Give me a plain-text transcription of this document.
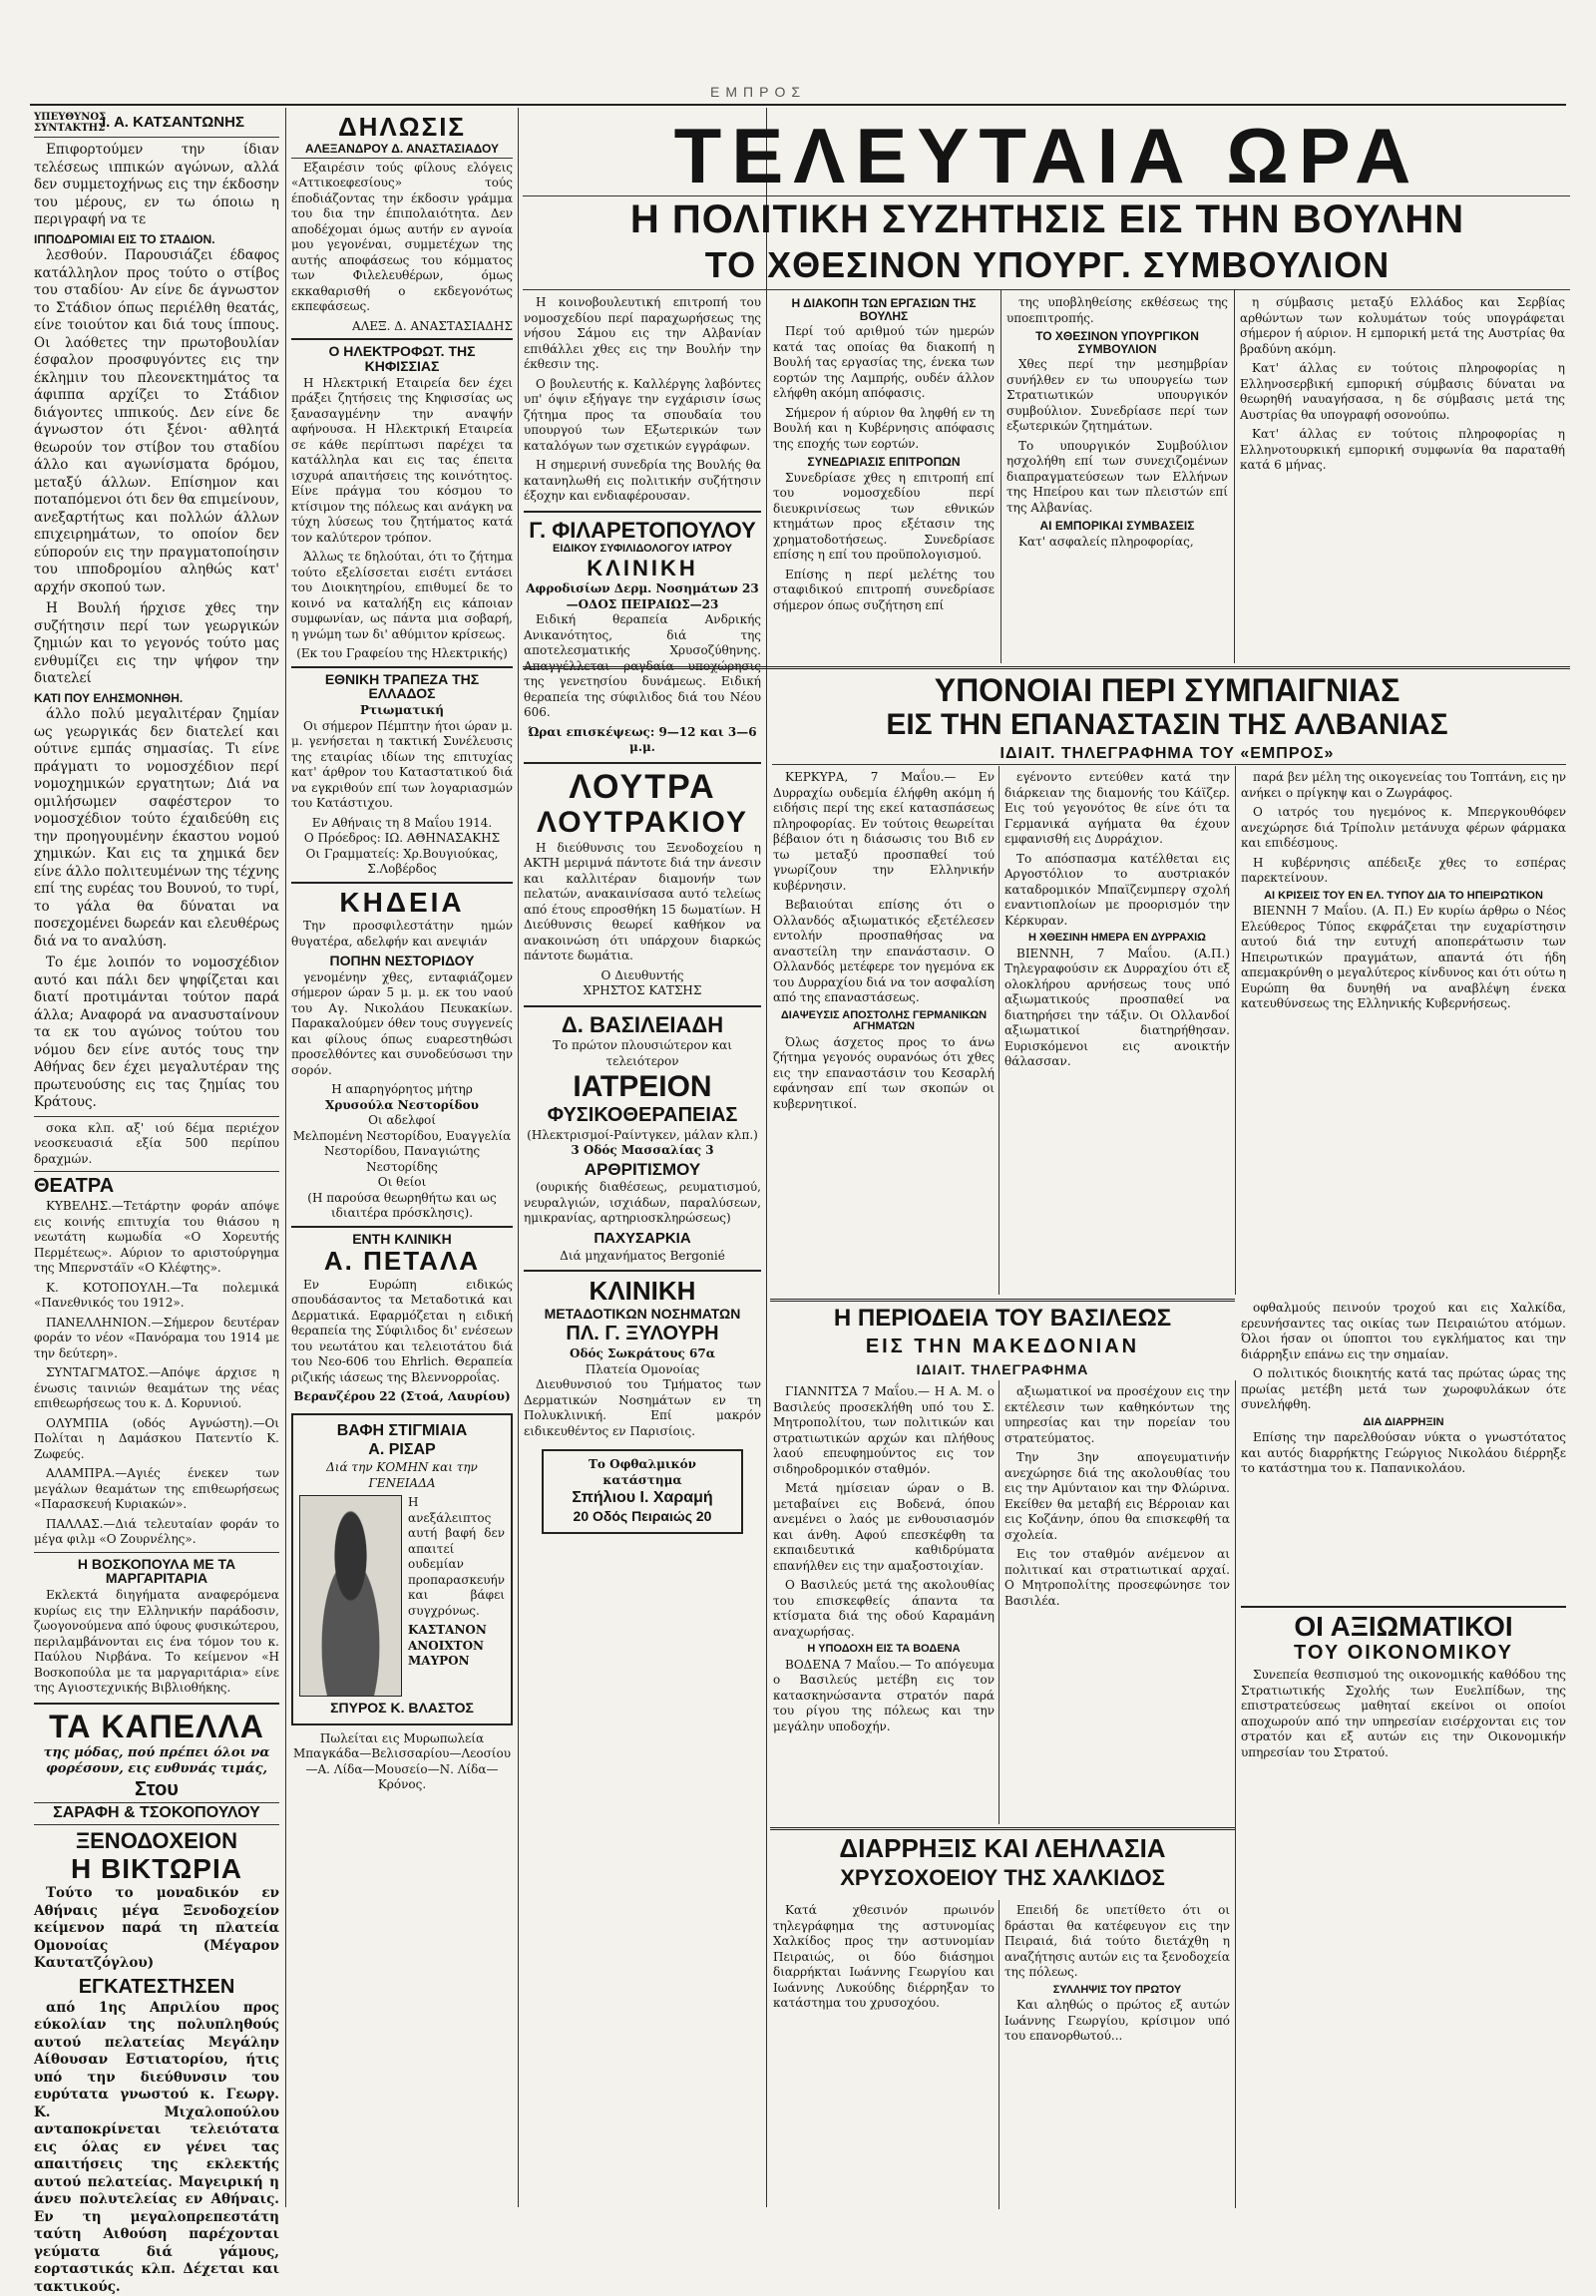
ΕΜΠΡΟΣ
ΤΕΛΕΥΤΑΙΑ ΩΡΑ
Η ΠΟΛΙΤΙΚΗ ΣΥΖΗΤΗΣΙΣ ΕΙΣ ΤΗΝ ΒΟΥΛΗΝ
ΤΟ ΧΘΕΣΙΝΟΝ ΥΠΟΥΡΓ. ΣΥΜΒΟΥΛΙΟΝ
ΥΠΕΥΘΥΝΟΣ ΣΥΝΤΑΚΤΗΣ
Ι. Α. ΚΑΤΣΑΝΤΩΝΗΣ

Επιφορτούμεν την ίδιαν τελέσεως ιππικών αγώνων, αλλά δεν συμμετοχήνως εις την έκδοσην του μέρους, εν τω όποιω η περιγραφή να τε

ΙΠΠΟΔΡΟΜΙΑΙ ΕΙΣ ΤΟ ΣΤΑΔΙΟΝ.

λεσθούν. Παρουσιάζει έδαφος κατάλληλον προς τούτο ο στίβος του σταδίου· Αν είνε δε άγνωστον το Στάδιον όπως περιέλθη θεατάς, είνε τοιούτον και διά τους ίππους. Οι λαόθετες την πρωτοβουλίαν έσφαλον προσφυγόντες εις την έκλημιν του πλεονεκτημάτος τα άφιππα αρχίζει το Στάδιον διάγοντες ιππικούς. Δεν είνε δε άγνωστον ότι ξένοι· αθλητά θεωρούν τον στίβον του σταδίου άλλο και αγωνίσματα δρόμου, μεταξύ άλλων. Επίσημον και ποταπόμενοι ότι δεν θα επιμείνουν, ανεξαρτήτως και πολλών άλλων επιχειρημάτων, το οποίον δεν εύπορούν εις την πραγματοποίησιν του ιπποδρομίου αληθώς κατ' αρχήν σκοπού των.

Η Βουλή ήρχισε χθες την συζήτησιν περί των γεωργικών ζημιών και το γεγονός τούτο μας ενθυμίζει εις την ψήφον την διατελεί

ΚΑΤΙ ΠΟΥ ΕΛΗΣΜΟΝΗΘΗ.

άλλο πολύ μεγαλιτέραν ζημίαν ως γεωργικάς δεν διατελεί και ούτινε εμπάς σημασίας. Τι είνε πράγματι το νομοσχέδιον περί νομοχημικών εργατητων; Διά να ομιλήσωμεν σαφέστερον το νομοσχέδιον τούτο έχαιδεύθη εις την προηγουμένην έκαστου νομού χημικών. Και εις τα χημικά δεν είνε άλλο πολιτευμένων της τέχνης επί της ευρέας του Βουνού, το τυρί, το γάλα θα δύναται να ποσεχομένει δωρεάν και ελευθέρως διά να το αναλύση.

Το έμε λοιπόν το νομοσχέδιον αυτό και πάλι δεν ψηφίζεται και διατί προτιμάνται τούτον παρά άλλα; Αναφορά να ανασυσταίνουν τα εκ του αγώνος τούτου του νόμου δεν είνε αυτός τους την Αθήνας δεν έχει μεγαλυτέραν της πρωτευούσης εις τας ζημίας του Κράτους.

σοκα κλπ. αξ' ιού δέμα περιέχον νεοσκευασιά εξία 500 περίπου δραχμών.

ΘΕΑΤΡΑ

ΚΥΒΕΛΗΣ.—Τετάρτην φοράν απόψε εις κοινής επιτυχία του θιάσου η νεωτάτη κωμωδία «Ο Χορευτής Περμέτεως». Αύριον το αριστούργημα της Μπερνστάϊν «Ο Κλέφτης».

Κ. ΚΟΤΟΠΟΥΛΗ.—Τα πολεμικά «Πανεθνικός του 1912».

ΠΑΝΕΛΛΗΝΙΟΝ.—Σήμερον δευτέραν φοράν το νέον «Πανόραμα του 1914 με την δεύτερη».

ΣΥΝΤΑΓΜΑΤΟΣ.—Απόψε άρχισε η ένωσις ταινιών θεαμάτων της νέας επιθεωρήσεως του κ. Δ. Κορυνιού.

ΟΛΥΜΠΙΑ (οδός Αγνώστη).—Οι Πολίται η Δαμάσκου Πατεντίο Κ. Ζωφεύς.

ΑΛΑΜΠΡΑ.—Αγιές ένεκεν των μεγάλων θεαμάτων της επιθεωρήσεως «Παρασκευή Κυριακών».

ΠΑΛΛΑΣ.—Διά τελευταίαν φοράν το μέγα φιλμ «Ο Ζουρνέλης».

Η ΒΟΣΚΟΠΟΥΛΑ ΜΕ ΤΑ ΜΑΡΓΑΡΙΤΑΡΙΑ

Εκλεκτά διηγήματα αναφερόμενα κυρίως εις την Ελληνικήν παράδοσιν, ζωογονούμενα από ύφους φυσικώτερου, περιλαμβάνονται εις ένα τόμον του κ. Παύλου Νιρβάνα. Το κείμενον «Η Βοσκοπούλα με τα μαργαριτάρια» είνε της Αγιοστεχνικής Βιβλιοθήκης.

ΤΑ ΚΑΠΕΛΛΑ
της μόδας, πού πρέπει όλοι να φορέσουν, εις ευθυνάς τιμάς,
Στου
ΣΑΡΑΦΗ & ΤΣΟΚΟΠΟΥΛΟΥ
ΞΕΝΟΔΟΧΕΙΟΝ
Η ΒΙΚΤΩΡΙΑ

Τούτο το μοναδικόν εν Αθήναις μέγα Ξενοδοχείον κείμενον παρά τη πλατεία Ομονοίας (Μέγαρον Καυτατζόγλου)

ΕΓΚΑΤΕΣΤΗΣΕΝ

από 1ης Απριλίου προς εύκολίαν της πολυπληθούς αυτού πελατείας Μεγάλην Αίθουσαν Εστιατορίου, ήτις υπό την διεύθυνσιν του ευρύτατα γνωστού κ. Γεωργ. Κ. Μιχαλοπούλου ανταποκρίνεται τελειότατα εις όλας εν γένει τας απαιτήσεις της εκλεκτής αυτού πελατείας. Μαγειρική η άνευ πολυτελείας εν Αθήναις. Εν τη μεγαλοπρεπεστάτη ταύτη Αιθούση παρέχονται γεύματα διά γάμους, εορταστικάς κλπ. Δέχεται και τακτικούς.

ΔΗΛΩΣΙΣ
ΑΛΕΞΑΝΔΡΟΥ Δ. ΑΝΑΣΤΑΣΙΑΔΟΥ

Εξαιρέσιν τούς φίλους ελόγεις «Αττικοεφεσίους» τούς έποδιάζοντας την έκδοσιν γράμμα του δια την έπιπολαιότητα. Δεν αποδέχομαι όμως αυτήν εν αγνοία μου γεγονέναι, συμμετέχων της αυτής αποφάσεως του κόμματος των Φιλελευθέρων, όμως εκκαθαρισθή ο εκδεγονότως εκπεφάσεως.

ΑΛΕΞ. Δ. ΑΝΑΣΤΑΣΙΑΔΗΣ
Ο ΗΛΕΚΤΡΟΦΩΤ. ΤΗΣ ΚΗΦΙΣΣΙΑΣ

Η Ηλεκτρική Εταιρεία δεν έχει πράξει ζητήσεις της Κηφισσίας ως ξανασαγμένην την αναψήν αφήνουσα. Η Ηλεκτρική Εταιρεία σε κάθε περίπτωσι παρέχει τα κατάλληλα και εις τας έπειτα ισχυρά απαιτήσεις της κοινότητος. Είνε πράγμα του κόσμου το κτίσιμον της πόλεως και ανάγκη να τύχη λύσεως του ζητήματος κατά τον καλύτερον τρόπον.

Άλλως τε δηλούται, ότι το ζήτημα τούτο εξελίσσεται εισέτι εντάσει του Διοικητηρίου, επιθυμεί δε το κοινό να καταλήξη εις κάποιαν συμφωνίαν, ως πάντα μια σοβαρή, η γνώμη των δι' αθύμιτον κρίσεως.

(Εκ του Γραφείου της Ηλεκτρικής)
ΕΘΝΙΚΗ ΤΡΑΠΕΖΑ ΤΗΣ ΕΛΛΑΔΟΣ
Ρτιωματική

Οι σήμερον Πέμπτην ήτοι ώραν μ. μ. γενήσεται η τακτική Συνέλευσις της εταιρίας ιδίων της επιτυχίας κατ' άρθρον του Καταστατικού διά να εγκριθούν επί των λογαριασμών του Κατάστιχου.

Εν Αθήναις τη 8 Μαΐου 1914.
Ο Πρόεδρος: ΙΩ. ΑΘΗΝΑΣΑΚΗΣ
Οι Γραμματείς: Χρ.Βουγιούκας, Σ.Λοβέρδος
ΚΗΔΕΙΑ

Την προσφιλεστάτην ημών θυγατέρα, αδελφήν και ανεψιάν

ΠΟΠΗΝ ΝΕΣΤΟΡΙΔΟΥ

γενομένην χθες, ενταφιάζομεν σήμερον ώραν 5 μ. μ. εκ του ναού του Αγ. Νικολάου Πευκακίων. Παρακαλούμεν όθεν τους συγγενείς και φίλους όπως ευαρεστηθώσι προσελθόντες και συνοδεύσωσι την σορόν.

Η απαρηγόρητος μήτηρ
Χρυσούλα Νεστορίδου
Οι αδελφοί
Μελπομένη Νεστορίδου, Ευαγγελία Νεστορίδου, Παναγιώτης Νεστορίδης
Οι θείοι
(Η παρούσα θεωρηθήτω και ως ιδιαιτέρα πρόσκλησις).
ΕΝΤΗ ΚΛΙΝΙΚΗ
Α. ΠΕΤΑΛΑ

Εν Ευρώπη ειδικώς σπουδάσαντος τα Μεταδοτικά και Δερματικά. Εφαρμόζεται η ειδική θεραπεία της Σύφιλιδος δι' ενέσεων του νεωτάτου και τελειοτάτου διά του Νεο-606 του Ehrlich. Θεραπεία ριζικής ιάσεως της Βλεννορροΐας.

Βερανζέρου 22 (Στοά, Λαυρίου)
ΒΑΦΗ ΣΤΙΓΜΙΑΙΑ
Α. ΡΙΣΑΡ
Διά την ΚΟΜΗΝ και την ΓΕΝΕΙΑΔΑ
Η ανεξάλειπτος αυτή βαφή δεν απαιτεί ουδεμίαν προπαρασκευήν και βάφει συγχρόνως.
ΚΑΣΤΑΝΟΝ
ΑΝΟΙΧΤΟΝ ΜΑΥΡΟΝ
ΣΠΥΡΟΣ Κ. ΒΛΑΣΤΟΣ

Πωλείται εις Μυρωπωλεία Μπαγκάδα—Βελισσαρίου—Λεοσίου—Α. Λίδα—Μουσείο—Ν. Λίδα—Κρόνος.

Η κοινοβουλευτική επιτροπή του νομοσχεδίου περί παραχωρήσεως της νήσου Σάμου εις την Αλβανίαν επιθάλλει χθες εις την Βουλήν την έκθεσιν της.

Ο βουλευτής κ. Καλλέργης λαβόντες υπ' όψιν εξήγαγε την εγχάρισιν ίσως ζήτημα προς τα σπουδαία του υπουργού των Εξωτερικών των καταλόγων των σχετικών εγγράφων.

Η σημερινή συνεδρία της Βουλής θα κατανηλωθή εις πολιτικήν συζήτησιν έξοχην και ενδιαφέρουσαν.

Γ. ΦΙΛΑΡΕΤΟΠΟΥΛΟΥ
ΕΙΔΙΚΟΥ ΣΥΦΙΛΙΔΟΛΟΓΟΥ ΙΑΤΡΟΥ
ΚΛΙΝΙΚΗ
Αφροδισίων Δερμ. Νοσημάτων 23—ΟΔΟΣ ΠΕΙΡΑΙΩΣ—23

Ειδική θεραπεία Ανδρικής Ανικανότητος, διά της αποτελεσματικής Χρυσοζύθηνης. Απαγγέλλεται ραγδαία υποχώρησις της γενετησίου δυνάμεως. Ειδική θεραπεία της σύφιλιδος διά του Νέου 606.

Ώραι επισκέψεως: 9—12 και 3—6 μ.μ.
ΛΟΥΤΡΑ
ΛΟΥΤΡΑΚΙΟΥ

Η διεύθυνσις του Ξενοδοχείου η ΑΚΤΗ μεριμνά πάντοτε διά την άνεσιν και καλλιτέραν διαμονήν των πελατών, ανακαινίσασα αυτό τελείως από έτους επροσθήκη 15 δωματίων. Η Διεύθυνσις θεωρεί καθήκον να ανακοινώση ότι υπάρχουν διαρκώς πάντοτε δωμάτια.

Ο Διευθυντής
ΧΡΗΣΤΟΣ ΚΑΤΣΗΣ
Δ. ΒΑΣΙΛΕΙΑΔΗ
Το πρώτον πλουσιώτερον και τελειότερον
ΙΑΤΡΕΙΟΝ
ΦΥΣΙΚΟΘΕΡΑΠΕΙΑΣ
(Ηλεκτρισμοί-Ραίντγκεν, μάλαν κλπ.)
3 Οδός Μασσαλίας 3
ΑΡΘΡΙΤΙΣΜΟΥ

(ουρικής διαθέσεως, ρευματισμού, νευραλγιών, ισχιάδων, παραλύσεων, ημικρανίας, αρτηριοσκληρώσεως)

ΠΑΧΥΣΑΡΚΙΑ
Διά μηχανήματος Bergonié
ΚΛΙΝΙΚΗ
ΜΕΤΑΔΟΤΙΚΩΝ ΝΟΣΗΜΑΤΩΝ
ΠΛ. Γ. ΞΥΛΟΥΡΗ
Οδός Σωκράτους 67α
Πλατεία Ομονοίας

Διευθυνσιού του Τμήματος των Δερματικών Νοσημάτων εν τη Πολυκλινική. Επί μακρόν ειδικευθέντος εν Παρισίοις.

Το Οφθαλμικόν κατάστημα
Σπήλιου Ι. Χαραμή
20 Οδός Πειραιώς 20
Η ΔΙΑΚΟΠΗ ΤΩΝ ΕΡΓΑΣΙΩΝ ΤΗΣ ΒΟΥΛΗΣ

Περί τού αριθμού τών ημερών κατά τας οποίας θα διακοπή η Βουλή τας εργασίας της, ένεκα των εορτών της Λαμπρής, ουδέν άλλον ελήφθη ακόμη απόφασις.

Σήμερον ή αύριον θα ληφθή εν τη Βουλή και η Κυβέρνησις απόφασις της εποχής των εορτών.

ΣΥΝΕΔΡΙΑΣΙΣ ΕΠΙΤΡΟΠΩΝ

Συνεδρίασε χθες η επιτροπή επί του νομοσχεδίου περί διευκρινίσεως των εθνικών κτημάτων προς εξέτασιν της χρηματοδοτήσεως. Συνεδρίασε επίσης η επί του προϋπολογισμού.

Επίσης η περί μελέτης του σταφιδικού επιτροπή συνεδρίασε σήμερον όπως συζήτηση επί

της υποβληθείσης εκθέσεως της υποεπιτροπής.

ΤΟ ΧΘΕΣΙΝΟΝ ΥΠΟΥΡΓΙΚΟΝ ΣΥΜΒΟΥΛΙΟΝ

Χθες περί την μεσημβρίαν συνήλθεν εν τω υπουργείω των Στρατιωτικών υπουργικόν συμβούλιον. Συνεδρίασε περί των εξωτερικών ζητημάτων.

Το υπουργικόν Συμβούλιον ησχολήθη επί των συνεχιζομένων διαπραγματεύσεων των Ελλήνων της Ηπείρου και των πλειστών επί της Αλβανίας.

ΑΙ ΕΜΠΟΡΙΚΑΙ ΣΥΜΒΑΣΕΙΣ

Κατ' ασφαλείς πληροφορίας,

η σύμβασις μεταξύ Ελλάδος και Σερβίας αρθώντων των κολυμάτων τούς υπογράφεται σήμερον ή αύριον. Η εμπορική μετά της Αυστρίας θα βραδύνη ακόμη.

Κατ' άλλας εν τούτοις πληροφορίας η Ελληνοσερβική εμπορική σύμβασις δύναται να θεωρηθή ναυαγήσασα, η δε σύμβασις μετά της Αυστρίας θα υπογραφή οσονούπω.

Κατ' άλλας εν τούτοις πληροφορίας η Ελληνοτουρκική εμπορική συμφωνία θα παραταθή κατά 6 μήνας.

ΥΠΟΝΟΙΑΙ ΠΕΡΙ ΣΥΜΠΑΙΓΝΙΑΣ
ΕΙΣ ΤΗΝ ΕΠΑΝΑΣΤΑΣΙΝ ΤΗΣ ΑΛΒΑΝΙΑΣ
ΙΔΙΑΙΤ. ΤΗΛΕΓΡΑΦΗΜΑ ΤΟΥ «ΕΜΠΡΟΣ»

ΚΕΡΚΥΡΑ, 7 Μαΐου.— Εν Δυρραχίω ουδεμία έλήφθη ακόμη ή ειδήσις περί της εκεί κατασπάσεως πληροφορίας. Εν τούτοις θεωρείται βέβαιον ότι η διάσωσις του Βιδ εν τω μεταξύ προσπαθεί τού γνωρίζουν την Ελληνικήν κυβέρνησιν.

Βεβαιούται επίσης ότι ο Ολλανδός αξιωματικός εξετέλεσεν εντολήν προσπαθήσας να αναστείλη την επανάστασιν. Ο Ολλανδός μετέφερε τον ηγεμόνα εκ του Δυρραχίου διά να τον ασφαλίση από της επαναστάσεως.

ΔΙΑΨΕΥΣΙΣ ΑΠΟΣΤΟΛΗΣ ΓΕΡΜΑΝΙΚΩΝ ΑΓΗΜΑΤΩΝ

Όλως άσχετος προς το άνω ζήτημα γεγονός ουρανόως ότι χθες εις την επαναστάσιν του Κεσαρλή εφάνησαν επί των σκοπών οι κυβερνητικοί.

εγένοντο εντεύθεν κατά την διάρκειαν της διαμονής του Κάϊζερ. Εις τού γεγονότος θε είνε ότι τα Γερμανικά αγήματα θα έχουν εμφανισθή εις Δυρράχιον.

Το απόσπασμα κατέλθεται εις Αργοστόλιον το αυστριακόν καταδρομικόν Μπαϊζενμπεργ σχολή εναντιοπλοίων με προορισμόν την Κέρκυραν.

Η ΧΘΕΣΙΝΗ ΗΜΕΡΑ ΕΝ ΔΥΡΡΑΧΙΩ

ΒΙΕΝΝΗ, 7 Μαΐου. (Α.Π.) Τηλεγραφούσιν εκ Δυρραχίου ότι εξ ολοκλήρου αρνήσεως τους υπό αξιωματικούς προσπαθεί να διατηρήσει την τάξιν. Οι Ολλανδοί αξιωματικοί διατηρήθησαν. Ευρισκόμενοι εις ανοικτήν θάλασσαν.

παρά βεν μέλη της οικογενείας του Τοπτάνη, εις ην ανήκει ο πρίγκηψ και ο Ζωγράφος.

Ο ιατρός του ηγεμόνος κ. Μπεργκουθόφεν ανεχώρησε διά Τρίπολιν μετάνυχα φέρων φάρμακα και επιδέσμους.

Η κυβέρνησις απέδειξε χθες το εσπέρας παρεκτείνουν.

ΑΙ ΚΡΙΣΕΙΣ ΤΟΥ ΕΝ ΕΛ. ΤΥΠΟΥ ΔΙΑ ΤΟ ΗΠΕΙΡΩΤΙΚΟΝ

ΒΙΕΝΝΗ 7 Μαΐου. (Α. Π.) Εν κυρίω άρθρω ο Νέος Ελεύθερος Τύπος εκφράζεται την ευχαρίστησιν αυτού διά την ευτυχή αποπεράτωσιν των Ηπειρωτικών πραγμάτων, απαντά ότι ήδη απεμακρύνθη ο μεγαλύτερος κίνδυνος και ότι ούτω η Ευρώπη θα δυνηθή να αναβλέψη ένεκα κατευθύνσεως της Ελληνικής Κυβερνήσεως.

Η ΠΕΡΙΟΔΕΙΑ ΤΟΥ ΒΑΣΙΛΕΩΣ
ΕΙΣ ΤΗΝ ΜΑΚΕΔΟΝΙΑΝ
ΙΔΙΑΙΤ. ΤΗΛΕΓΡΑΦΗΜΑ

ΓΙΑΝΝΙΤΣΑ 7 Μαΐου.— Η Α. Μ. ο Βασιλεύς προσεκλήθη υπό του Σ. Μητροπολίτου, των πολιτικών και στρατιωτικών αρχών και πλήθους λαού επευφημούντος εις τον σιδηροδρομικόν σταθμόν.

Μετά ημίσειαν ώραν ο Β. μεταβαίνει εις Βοδενά, όπου ανεμένει ο λαός με ενθουσιασμόν και άνθη. Αφού επεσκέφθη τα εκπαιδευτικά καθιδρύματα επανήλθεν εις την αμαξοστοιχίαν.

Ο Βασιλεύς μετά της ακολουθίας του επισκεφθείς άπαντα τα κτίσματα διά της οδού Καραμάνη αναχωρήσας.

Η ΥΠΟΔΟΧΗ ΕΙΣ ΤΑ ΒΟΔΕΝΑ

ΒΟΔΕΝΑ 7 Μαΐου.— Το απόγευμα ο Βασιλεύς μετέβη εις τον κατασκηνώσαντα στρατόν παρά του ρίγου της πόλεως και την μεγάλην υποδοχήν.

αξιωματικοί να προσέχουν εις την εκτέλεσιν των καθηκόντων της υπηρεσίας και την πορείαν του στρατεύματος.

Την 3ην απογευματινήν ανεχώρησε διά της ακολουθίας του εις την Αμύνταιον και την Φλώρινα. Εκείθεν θα μεταβή εις Βέρροιαν και εις Κοζάνην, όπου θα επισκεφθή τα σχολεία.

Εις τον σταθμόν ανέμενον αι πολιτικαί και στρατιωτικαί αρχαί. Ο Μητροπολίτης προσεφώνησε τον Βασιλέα.

οφθαλμούς πεινούν τροχού και εις Χαλκίδα, ερευνήσαντες τας οικίας των Πειραιώτου ατόμων. Όλοι ήσαν οι ύποπτοι του εγκλήματος και την διάρρηξιν επάνω εις την σημαίαν.

Ο πολιτικός διοικητής κατά τας πρώτας ώρας της πρωίας μετέβη μετά των χωροφυλάκων ότε συνελήφθη.

ΔΙΑ ΔΙΑΡΡΗΞΙΝ

Επίσης την παρελθούσαν νύκτα ο γνωστότατος και αυτός διαρρήκτης Γεώργιος Νικολάου διέρρηξε το κατάστημα του κ. Παπανικολάου.

ΟΙ ΑΞΙΩΜΑΤΙΚΟΙ
ΤΟΥ ΟΙΚΟΝΟΜΙΚΟΥ

Συνεπεία θεσπισμού της οικονομικής καθόδου της Στρατιωτικής Σχολής των Ευελπίδων, της επιστρατεύσεως μαθηταί εκείνοι οι οποίοι αποχωρούν από την υπηρεσίαν εισέρχονται εις τον στρατόν και εξ αυτών εις την Οικονομικήν υπηρεσίαν του Στρατού.

ΔΙΑΡΡΗΞΙΣ ΚΑΙ ΛΕΗΛΑΣΙΑ
ΧΡΥΣΟΧΟΕΙΟΥ ΤΗΣ ΧΑΛΚΙΔΟΣ

Κατά χθεσινόν πρωινόν τηλεγράφημα της αστυνομίας Χαλκίδος προς την αστυνομίαν Πειραιώς, οι δύο διάσημοι διαρρήκται Ιωάννης Γεωργίου και Ιωάννης Λυκούδης διέρρηξαν το κατάστημα του χρυσοχόου.

Επειδή δε υπετίθετο ότι οι δράσται θα κατέφευγον εις την Πειραιά, διά τούτο διετάχθη η αναζήτησις αυτών εις τα ξενοδοχεία της πόλεως.

ΣΥΛΛΗΨΙΣ ΤΟΥ ΠΡΩΤΟΥ

Και αληθώς ο πρώτος εξ αυτών Ιωάννης Γεωργίου, κρίσιμον υπό του επανορθωτού...
